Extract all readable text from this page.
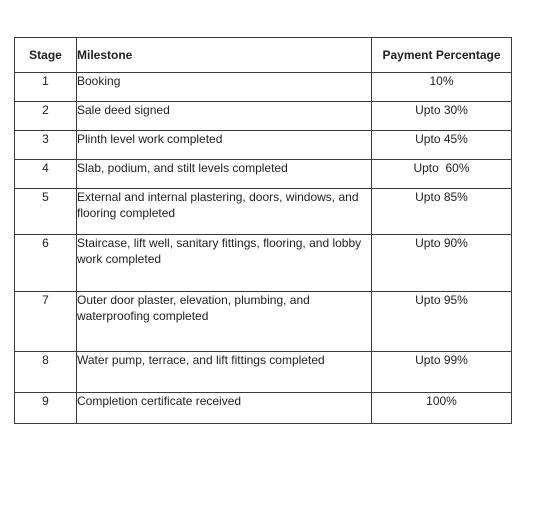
Stage	Milestone	Payment Percentage
1	Booking	10%
2	Sale deed signed	Upto 30%
3	Plinth level work completed	Upto 45%
4	Slab, podium, and stilt levels completed	Upto  60%
5	External and internal plastering, doors, windows, and flooring completed	Upto 85%
6	Staircase, lift well, sanitary fittings, flooring, and lobby work completed	Upto 90%
7	Outer door plaster, elevation, plumbing, and waterproofing completed	Upto 95%
8	Water pump, terrace, and lift fittings completed	Upto 99%
9	Completion certificate received	100%
